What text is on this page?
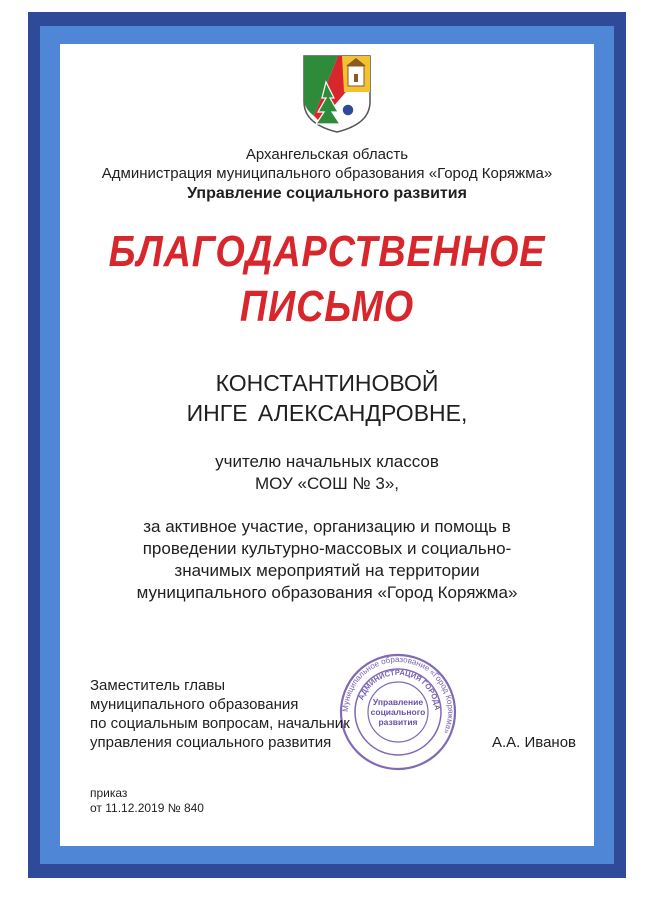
Архангельская область
Администрация муниципального образования «Город Коряжма»
Управление социального развития
БЛАГОДАРСТВЕННОЕ
ПИСЬМО
КОНСТАНТИНОВОЙ
ИНГЕ АЛЕКСАНДРОВНЕ,
учителю начальных классов
МОУ «СОШ № 3»,
за активное участие, организацию и помощь в
проведении культурно-массовых и социально-
значимых мероприятий на территории
муниципального образования «Город Коряжма»
Муниципальное образование «Город Коряжма»
АДМИНИСТРАЦИЯ ГОРОДА
Управление
социального
развития
Заместитель главы
муниципального образования
по социальным вопросам, начальник
управления социального развития	А.А. Иванов
приказ
от 11.12.2019 № 840
